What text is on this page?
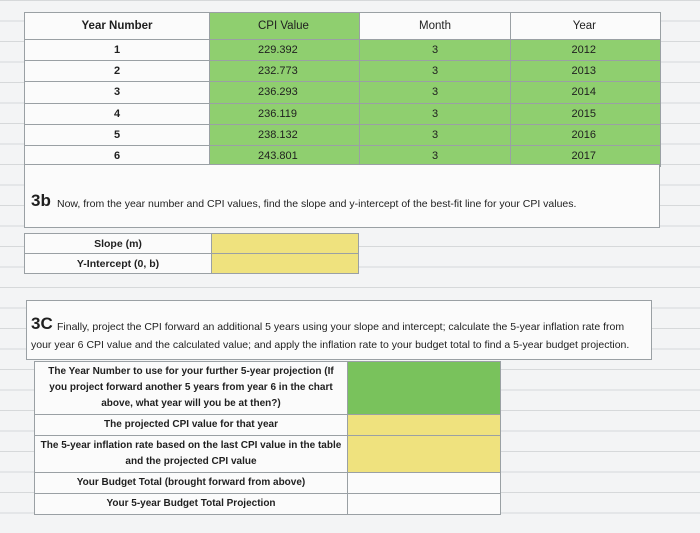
Year Number	CPI Value	Month	Year
1	229.392	3	2012
2	232.773	3	2013
3	236.293	3	2014
4	236.119	3	2015
5	238.132	3	2016
6	243.801	3	2017
3b Now, from the year number and CPI values, find the slope and y-intercept of the best-fit line for your CPI values.
Slope (m)	
Y-Intercept (0, b)	
3C Finally, project the CPI forward an additional 5 years using your slope and intercept; calculate the 5-year inflation rate from
your year 6 CPI value and the calculated value; and apply the inflation rate to your budget total to find a 5-year budget projection.
The Year Number to use for your further 5-year projection (If you project forward another 5 years from year 6 in the chart above, what year will you be at then?)	
The projected CPI value for that year	
The 5-year inflation rate based on the last CPI value in the table and the projected CPI value	
Your Budget Total (brought forward from above)	
Your 5-year Budget Total Projection	
